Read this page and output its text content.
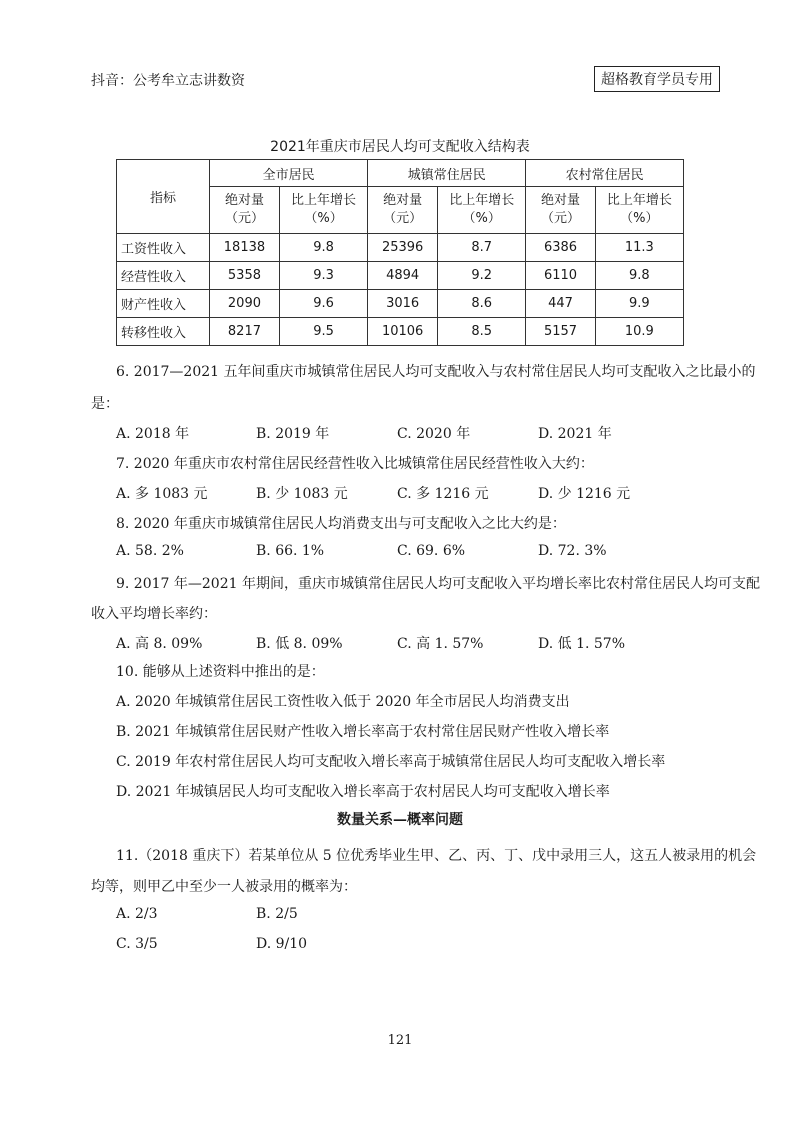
抖音：公考牟立志讲数资	超格教育学员专用
2021年重庆市居民人均可支配收入结构表
指标	全市居民		城镇常住居民		农村常住居民	
	绝对量（元）	比上年增长（%）	绝对量（元）	比上年增长（%）	绝对量（元）	比上年增长（%）
工资性收入	18138	9.8	25396	8.7	6386	11.3
经营性收入	5358	9.3	4894	9.2	6110	9.8
财产性收入	2090	9.6	3016	8.6	447	9.9
转移性收入	8217	9.5	10106	8.5	5157	10.9
6. 2017—2021 五年间重庆市城镇常住居民人均可支配收入与农村常住居民人均可支配收入之比最小的
是：
A. 2018 年	B. 2019 年	C. 2020 年	D. 2021 年
7. 2020 年重庆市农村常住居民经营性收入比城镇常住居民经营性收入大约：
A. 多 1083 元	B. 少 1083 元	C. 多 1216 元	D. 少 1216 元
8. 2020 年重庆市城镇常住居民人均消费支出与可支配收入之比大约是：
A. 58. 2%	B. 66. 1%	C. 69. 6%	D. 72. 3%
9. 2017 年—2021 年期间，重庆市城镇常住居民人均可支配收入平均增长率比农村常住居民人均可支配
收入平均增长率约：
A. 高 8. 09%	B. 低 8. 09%	C. 高 1. 57%	D. 低 1. 57%
10. 能够从上述资料中推出的是：
A. 2020 年城镇常住居民工资性收入低于 2020 年全市居民人均消费支出
B. 2021 年城镇常住居民财产性收入增长率高于农村常住居民财产性收入增长率
C. 2019 年农村常住居民人均可支配收入增长率高于城镇常住居民人均可支配收入增长率
D. 2021 年城镇居民人均可支配收入增长率高于农村居民人均可支配收入增长率
数量关系—概率问题
11.（2018 重庆下）若某单位从 5 位优秀毕业生甲、乙、丙、丁、戊中录用三人，这五人被录用的机会
均等，则甲乙中至少一人被录用的概率为：
A. 2/3	B. 2/5
C. 3/5	D. 9/10
121
